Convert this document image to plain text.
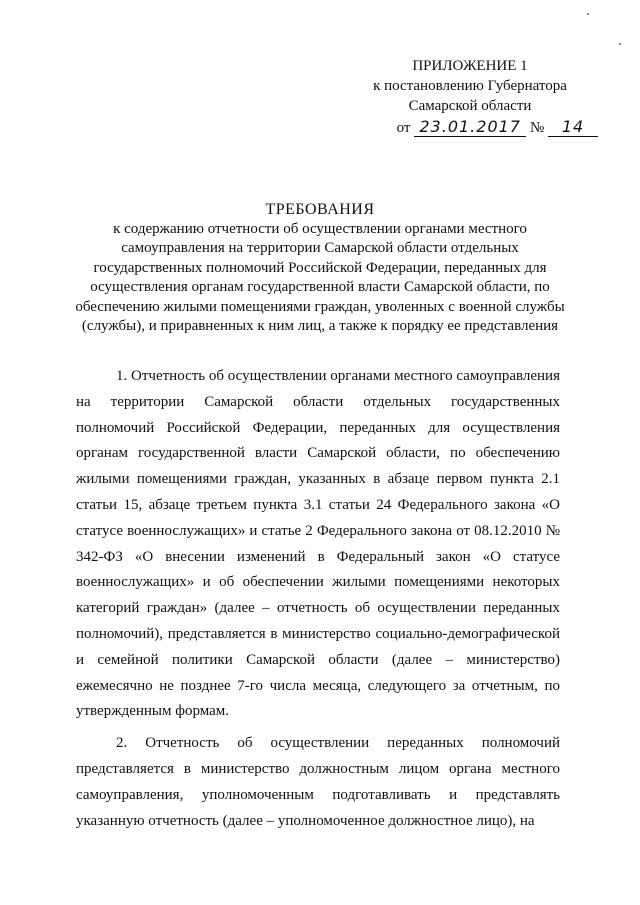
ПРИЛОЖЕНИЕ 1
к постановлению Губернатора
Самарской области
от 23.01.2017 № 14
ТРЕБОВАНИЯ
к содержанию отчетности об осуществлении органами местного самоуправления на территории Самарской области отдельных государственных полномочий Российской Федерации, переданных для осуществления органам государственной власти Самарской области, по обеспечению жилыми помещениями граждан, уволенных с военной службы (службы), и приравненных к ним лиц, а также к порядку ее представления

1. Отчетность об осуществлении органами местного самоуправления на территории Самарской области отдельных государственных полномочий Российской Федерации, переданных для осуществления органам государственной власти Самарской области, по обеспечению жилыми помещениями граждан, указанных в абзаце первом пункта 2.1 статьи 15, абзаце третьем пункта 3.1 статьи 24 Федерального закона «О статусе военнослужащих» и статье 2 Федерального закона от 08.12.2010 № 342-ФЗ «О внесении изменений в Федеральный закон «О статусе военнослужащих» и об обеспечении жилыми помещениями некоторых категорий граждан» (далее – отчетность об осуществлении переданных полномочий), представляется в министерство социально-демографической и семейной политики Самарской области (далее – министерство) ежемесячно не позднее 7-го числа месяца, следующего за отчетным, по утвержденным формам.

2. Отчетность об осуществлении переданных полномочий представляется в министерство должностным лицом органа местного самоуправления, уполномоченным подготавливать и представлять указанную отчетность (далее – уполномоченное должностное лицо), на
